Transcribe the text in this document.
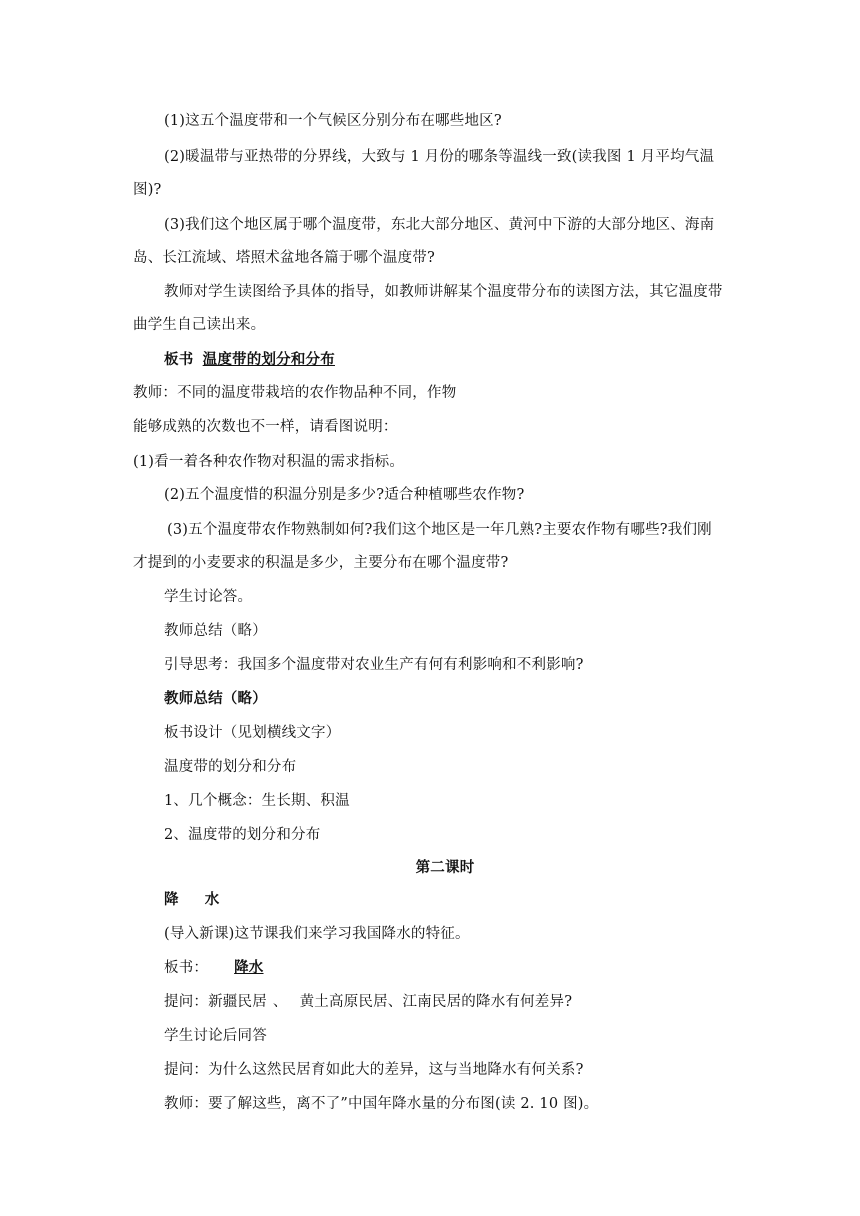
(1)这五个温度带和一个气候区分别分布在哪些地区?
(2)暖温带与亚热带的分界线，大致与 1 月份的哪条等温线一致(读我图 1 月平均气温
图)?
(3)我们这个地区属于哪个温度带，东北大部分地区、黄河中下游的大部分地区、海南
岛、长江流域、塔照术盆地各篇于哪个温度带?
教师对学生读图给予具体的指导，如教师讲解某个温度带分布的读图方法，其它温度带
曲学生自己读出来。
板书 温度带的划分和分布
教师：不同的温度带栽培的农作物品种不同，作物
能够成熟的次数也不一样，请看图说明：
(1)看一着各种农作物对积温的需求指标。
(2)五个温度惜的积温分别是多少?适合种植哪些农作物?
(3)五个温度带农作物熟制如何?我们这个地区是一年几熟?主要农作物有哪些?我们刚
才提到的小麦要求的积温是多少，主要分布在哪个温度带?
学生讨论答。
教师总结（略）
引导思考：我国多个温度带对农业生产有何有利影响和不利影响?
教师总结（略）
板书设计（见划横线文字）
温度带的划分和分布
1、几个概念：生长期、积温
2、温度带的划分和分布
第二课时
降 水
(导入新课)这节课我们来学习我国降水的特征。
板书： 降水
提问：新疆民居 、 黄土高原民居、江南民居的降水有何差异?
学生讨论后同答
提问：为什么这然民居育如此大的差异，这与当地降水有何关系?
教师：要了解这些，离不了”中国年降水量的分布图(读 2. 10 图)。
